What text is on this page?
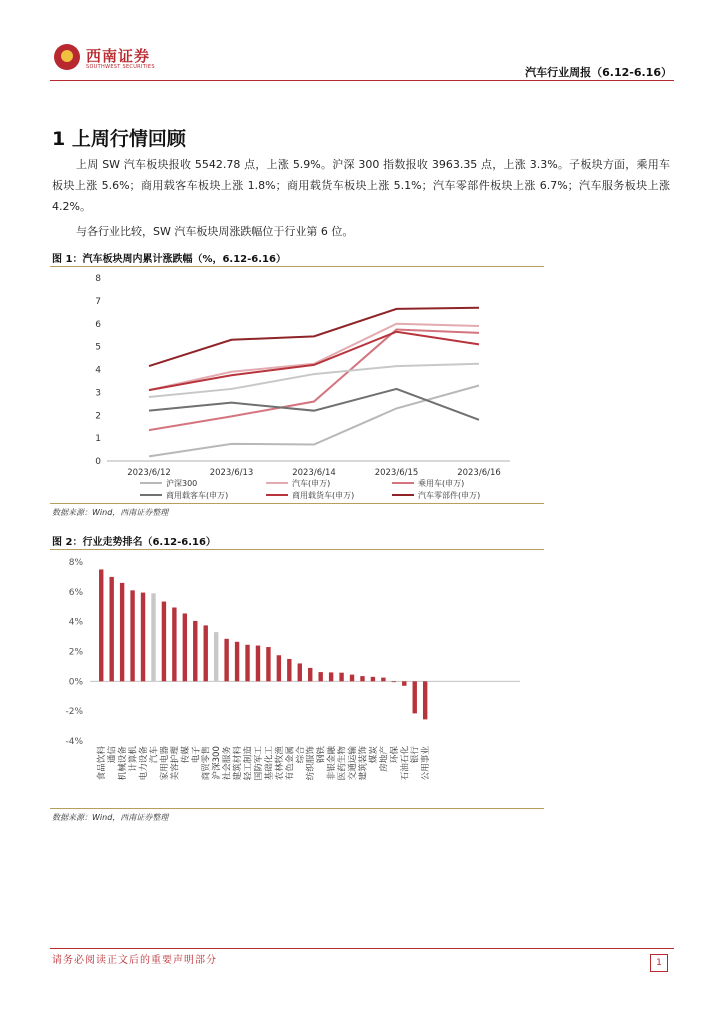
西南证券
SOUTHWEST SECURITIES	汽车行业周报（6.12-6.16）
1 上周行情回顾
上周 SW 汽车板块报收 5542.78 点，上涨 5.9%。沪深 300 指数报收 3963.35 点，上涨 3.3%。子板块方面，乘用车板块上涨 5.6%；商用载客车板块上涨 1.8%；商用载货车板块上涨 5.1%；汽车零部件板块上涨 6.7%；汽车服务板块上涨 4.2%。
与各行业比较，SW 汽车板块周涨跌幅位于行业第 6 位。
图 1：汽车板块周内累计涨跌幅（%，6.12-6.16）
0
1
2
3
4
5
6
7
8
2023/6/12	2023/6/13	2023/6/14	2023/6/15	2023/6/16
沪深300	汽车(申万)	乘用车(申万)
商用载客车(申万)	商用载货车(申万)	汽车零部件(申万)
数据来源：Wind，西南证券整理
图 2：行业走势排名（6.12-6.16）
8%
6%
4%
2%
0%
-2%
-4%
食品饮料 通信 机械设备 计算机 电力设备 汽车 家用电器 美容护理 传媒 电子 商贸零售 沪深300 社会服务 建筑材料 轻工制造 国防军工 基础化工 农林牧渔 有色金属 综合 纺织服饰 钢铁 非银金融 医药生物 交通运输 建筑装饰 煤炭 房地产 环保 石油石化 银行 公用事业
数据来源：Wind，西南证券整理
请务必阅读正文后的重要声明部分	1
